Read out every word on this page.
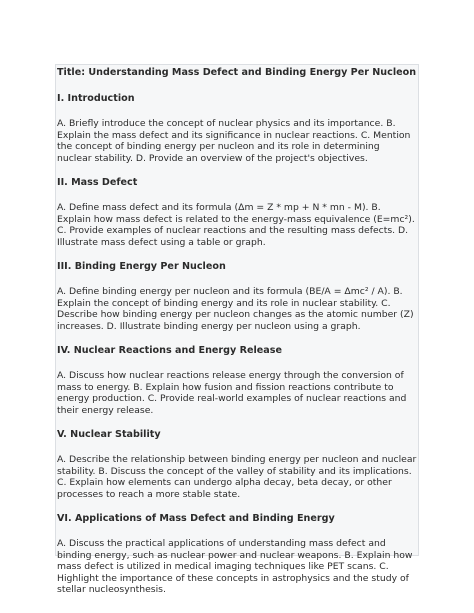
Title: Understanding Mass Defect and Binding Energy Per Nucleon
I. Introduction
A. Briefly introduce the concept of nuclear physics and its importance. B. Explain the mass defect and its significance in nuclear reactions. C. Mention the concept of binding energy per nucleon and its role in determining nuclear stability. D. Provide an overview of the project's objectives.
II. Mass Defect
A. Define mass defect and its formula (Δm = Z * mp + N * mn - M). B. Explain how mass defect is related to the energy-mass equivalence (E=mc²). C. Provide examples of nuclear reactions and the resulting mass defects. D. Illustrate mass defect using a table or graph.
III. Binding Energy Per Nucleon
A. Define binding energy per nucleon and its formula (BE/A = Δmc² / A). B. Explain the concept of binding energy and its role in nuclear stability. C. Describe how binding energy per nucleon changes as the atomic number (Z) increases. D. Illustrate binding energy per nucleon using a graph.
IV. Nuclear Reactions and Energy Release
A. Discuss how nuclear reactions release energy through the conversion of mass to energy. B. Explain how fusion and fission reactions contribute to energy production. C. Provide real-world examples of nuclear reactions and their energy release.
V. Nuclear Stability
A. Describe the relationship between binding energy per nucleon and nuclear stability. B. Discuss the concept of the valley of stability and its implications. C. Explain how elements can undergo alpha decay, beta decay, or other processes to reach a more stable state.
VI. Applications of Mass Defect and Binding Energy
A. Discuss the practical applications of understanding mass defect and binding energy, such as nuclear power and nuclear weapons. B. Explain how mass defect is utilized in medical imaging techniques like PET scans. C. Highlight the importance of these concepts in astrophysics and the study of stellar nucleosynthesis.
